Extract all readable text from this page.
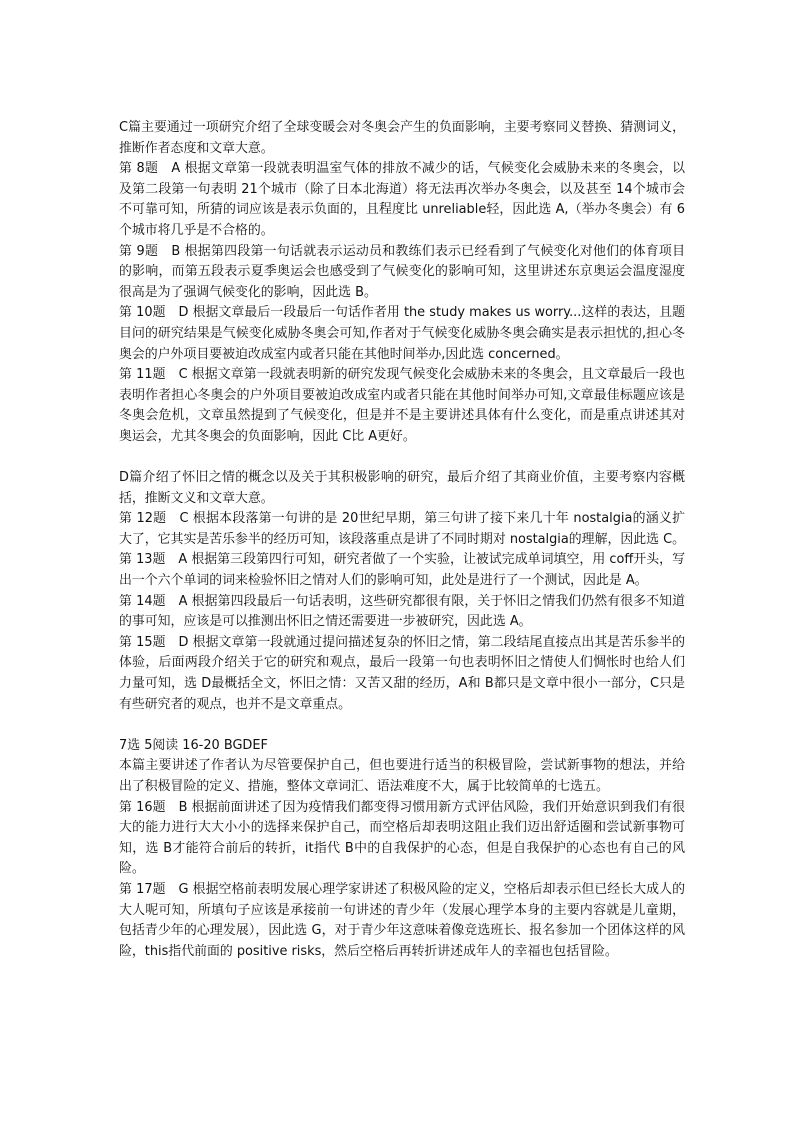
C篇主要通过一项研究介绍了全球变暖会对冬奥会产生的负面影响，主要考察同义替换、猜测词义，推断作者态度和文章大意。

第 8题　A 根据文章第一段就表明温室气体的排放不减少的话，气候变化会威胁未来的冬奥会，以及第二段第一句表明 21个城市（除了日本北海道）将无法再次举办冬奥会，以及甚至 14个城市会不可靠可知，所猜的词应该是表示负面的，且程度比 unreliable轻，因此选 A,（举办冬奥会）有 6个城市将几乎是不合格的。

第 9题　B 根据第四段第一句话就表示运动员和教练们表示已经看到了气候变化对他们的体育项目的影响，而第五段表示夏季奥运会也感受到了气候变化的影响可知，这里讲述东京奥运会温度湿度很高是为了强调气候变化的影响，因此选 B。

第 10题　D 根据文章最后一段最后一句话作者用 the study makes us worry...这样的表达，且题目问的研究结果是气候变化威胁冬奥会可知,作者对于气候变化威胁冬奥会确实是表示担忧的,担心冬奥会的户外项目要被迫改成室内或者只能在其他时间举办,因此选 concerned。

第 11题　C 根据文章第一段就表明新的研究发现气候变化会威胁未来的冬奥会，且文章最后一段也表明作者担心冬奥会的户外项目要被迫改成室内或者只能在其他时间举办可知,文章最佳标题应该是冬奥会危机，文章虽然提到了气候变化，但是并不是主要讲述具体有什么变化，而是重点讲述其对奥运会，尤其冬奥会的负面影响，因此 C比 A更好。

D篇介绍了怀旧之情的概念以及关于其积极影响的研究，最后介绍了其商业价值，主要考察内容概括，推断文义和文章大意。

第 12题　C 根据本段落第一句讲的是 20世纪早期，第三句讲了接下来几十年 nostalgia的涵义扩大了，它其实是苦乐参半的经历可知，该段落重点是讲了不同时期对 nostalgia的理解，因此选 C。

第 13题　A 根据第三段第四行可知，研究者做了一个实验，让被试完成单词填空，用 coff开头，写出一个六个单词的词来检验怀旧之情对人们的影响可知，此处是进行了一个测试，因此是 A。

第 14题　A 根据第四段最后一句话表明，这些研究都很有限，关于怀旧之情我们仍然有很多不知道的事可知，应该是可以推测出怀旧之情还需要进一步被研究，因此选 A。

第 15题　D 根据文章第一段就通过提问描述复杂的怀旧之情，第二段结尾直接点出其是苦乐参半的体验，后面两段介绍关于它的研究和观点，最后一段第一句也表明怀旧之情使人们惆怅时也给人们力量可知，选 D最概括全文，怀旧之情：又苦又甜的经历，A和 B都只是文章中很小一部分，C只是有些研究者的观点，也并不是文章重点。

7选 5阅读 16-20 BGDEF

本篇主要讲述了作者认为尽管要保护自己，但也要进行适当的积极冒险，尝试新事物的想法，并给出了积极冒险的定义、措施，整体文章词汇、语法难度不大，属于比较简单的七选五。

第 16题　B 根据前面讲述了因为疫情我们都变得习惯用新方式评估风险，我们开始意识到我们有很大的能力进行大大小小的选择来保护自己，而空格后却表明这阻止我们迈出舒适圈和尝试新事物可知，选 B才能符合前后的转折，it指代 B中的自我保护的心态，但是自我保护的心态也有自己的风险。

第 17题　G 根据空格前表明发展心理学家讲述了积极风险的定义，空格后却表示但已经长大成人的大人呢可知，所填句子应该是承接前一句讲述的青少年（发展心理学本身的主要内容就是儿童期，包括青少年的心理发展），因此选 G，对于青少年这意味着像竞选班长、报名参加一个团体这样的风险，this指代前面的 positive risks，然后空格后再转折讲述成年人的幸福也包括冒险。
